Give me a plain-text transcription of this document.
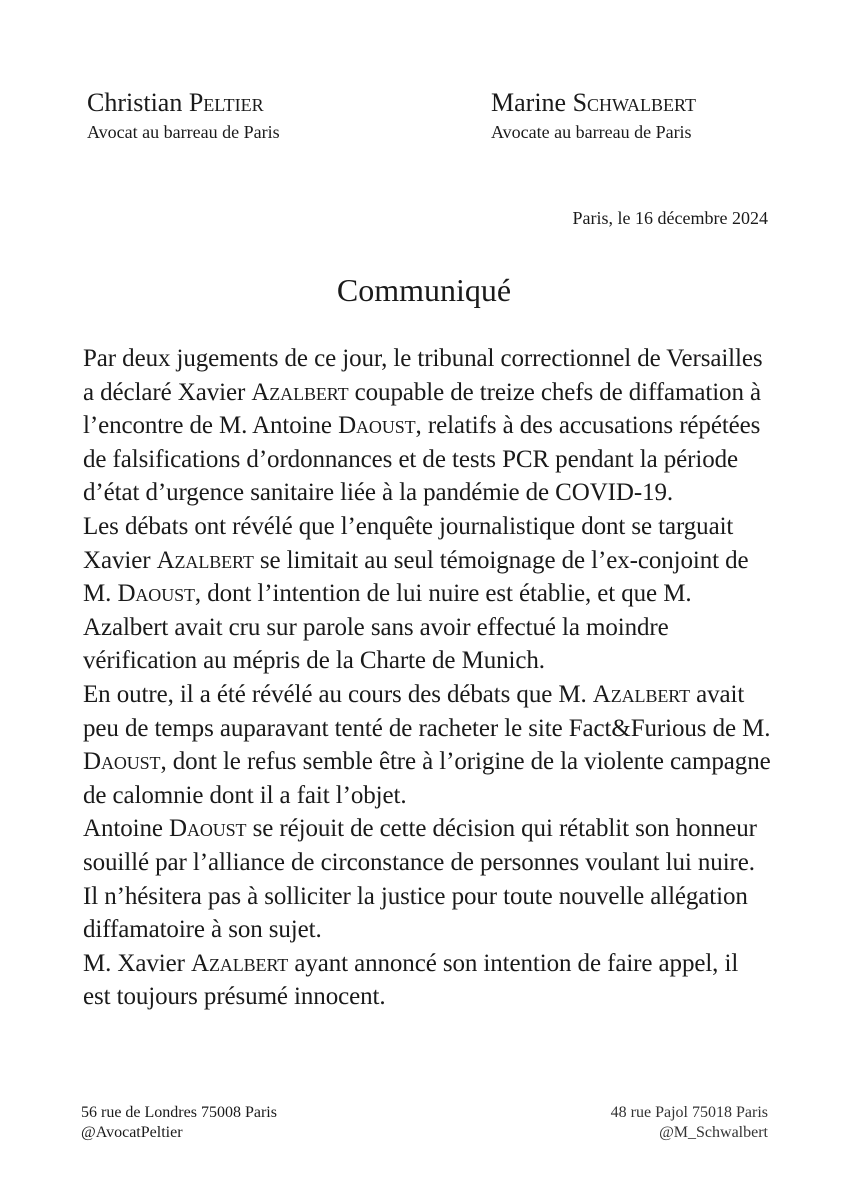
Christian Peltier
Avocat au barreau de Paris
Marine Schwalbert
Avocate au barreau de Paris
Paris, le 16 décembre 2024
Communiqué

Par deux jugements de ce jour, le tribunal correctionnel de Versailles a déclaré Xavier Azalbert coupable de treize chefs de diffamation à l’encontre de M. Antoine Daoust, relatifs à des accusations répétées de falsifications d’ordonnances et de tests PCR pendant la période d’état d’urgence sanitaire liée à la pandémie de COVID-19.

Les débats ont révélé que l’enquête journalistique dont se targuait Xavier Azalbert se limitait au seul témoignage de l’ex-conjoint de M. Daoust, dont l’intention de lui nuire est établie, et que M. Azalbert avait cru sur parole sans avoir effectué la moindre vérification au mépris de la Charte de Munich.

En outre, il a été révélé au cours des débats que M. Azalbert avait peu de temps auparavant tenté de racheter le site Fact&Furious de M. Daoust, dont le refus semble être à l’origine de la violente campagne de calomnie dont il a fait l’objet.

Antoine Daoust se réjouit de cette décision qui rétablit son honneur souillé par l’alliance de circonstance de personnes voulant lui nuire. Il n’hésitera pas à solliciter la justice pour toute nouvelle allégation diffamatoire à son sujet.

M. Xavier Azalbert ayant annoncé son intention de faire appel, il est toujours présumé innocent.

56 rue de Londres 75008 Paris
@AvocatPeltier
48 rue Pajol 75018 Paris
@M_Schwalbert
